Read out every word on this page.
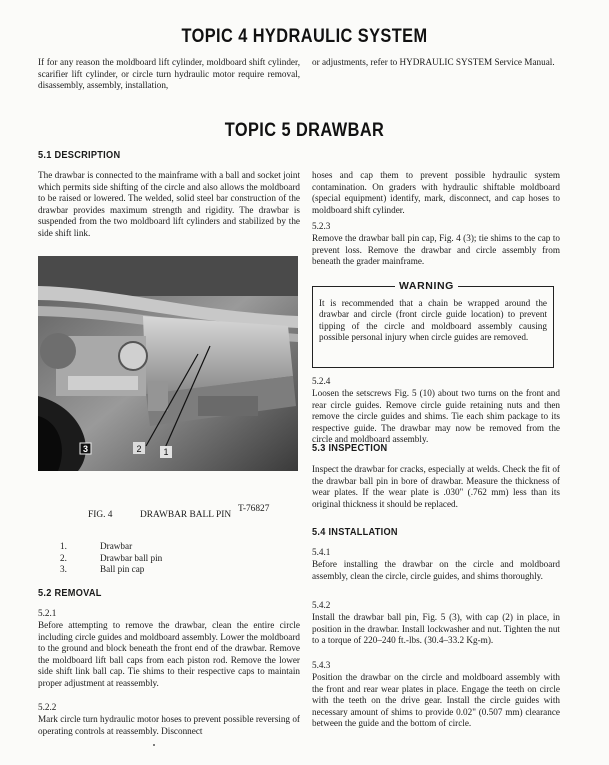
TOPIC 4 HYDRAULIC SYSTEM

If for any reason the moldboard lift cylinder, moldboard shift cylinder, scarifier lift cylinder, or circle turn hydraulic motor require removal, disassembly, assembly, installation,

or adjustments, refer to HYDRAULIC SYSTEM Service Manual.

TOPIC 5 DRAWBAR
5.1 DESCRIPTION

The drawbar is connected to the mainframe with a ball and socket joint which permits side shifting of the circle and also allows the moldboard to be raised or lowered. The welded, solid steel bar construction of the drawbar provides maximum strength and rigidity. The drawbar is suspended from the two moldboard lift cylinders and stabilized by the side shift link.

3	2 1
FIG. 4	DRAWBAR BALL PIN
T-76827
1.	Drawbar
2.	Drawbar ball pin
3.	Ball pin cap
5.2 REMOVAL
5.2.1

Before attempting to remove the drawbar, clean the entire circle including circle guides and moldboard assembly. Lower the moldboard to the ground and block beneath the front end of the drawbar. Remove the moldboard lift ball caps from each piston rod. Remove the lower side shift link ball cap. Tie shims to their respective caps to maintain proper adjustment at reassembly.

5.2.2

Mark circle turn hydraulic motor hoses to prevent possible reversing of operating controls at reassembly. Disconnect

hoses and cap them to prevent possible hydraulic system contamination. On graders with hydraulic shiftable moldboard (special equipment) identify, mark, disconnect, and cap hoses to moldboard shift cylinder.

5.2.3

Remove the drawbar ball pin cap, Fig. 4 (3); tie shims to the cap to prevent loss. Remove the drawbar and circle assembly from beneath the grader mainframe.

WARNING
It is recommended that a chain be wrapped around the drawbar and circle (front circle guide location) to prevent tipping of the circle and moldboard assembly causing possible personal injury when circle guides are removed.
5.2.4

Loosen the setscrews Fig. 5 (10) about two turns on the front and rear circle guides. Remove circle guide retaining nuts and then remove the circle guides and shims. Tie each shim package to its respective guide. The drawbar may now be removed from the circle and moldboard assembly.

5.3 INSPECTION

Inspect the drawbar for cracks, especially at welds. Check the fit of the drawbar ball pin in bore of drawbar. Measure the thickness of wear plates. If the wear plate is .030" (.762 mm) less than its original thickness it should be replaced.

5.4 INSTALLATION
5.4.1

Before installing the drawbar on the circle and moldboard assembly, clean the circle, circle guides, and shims thoroughly.

5.4.2

Install the drawbar ball pin, Fig. 5 (3), with cap (2) in place, in position in the drawbar. Install lockwasher and nut. Tighten the nut to a torque of 220–240 ft.-lbs. (30.4–33.2 Kg-m).

5.4.3

Position the drawbar on the circle and moldboard assembly with the front and rear wear plates in place. Engage the teeth on circle with the teeth on the drive gear. Install the circle guides with necessary amount of shims to provide 0.02" (0.507 mm) clearance between the guide and the bottom of circle.
